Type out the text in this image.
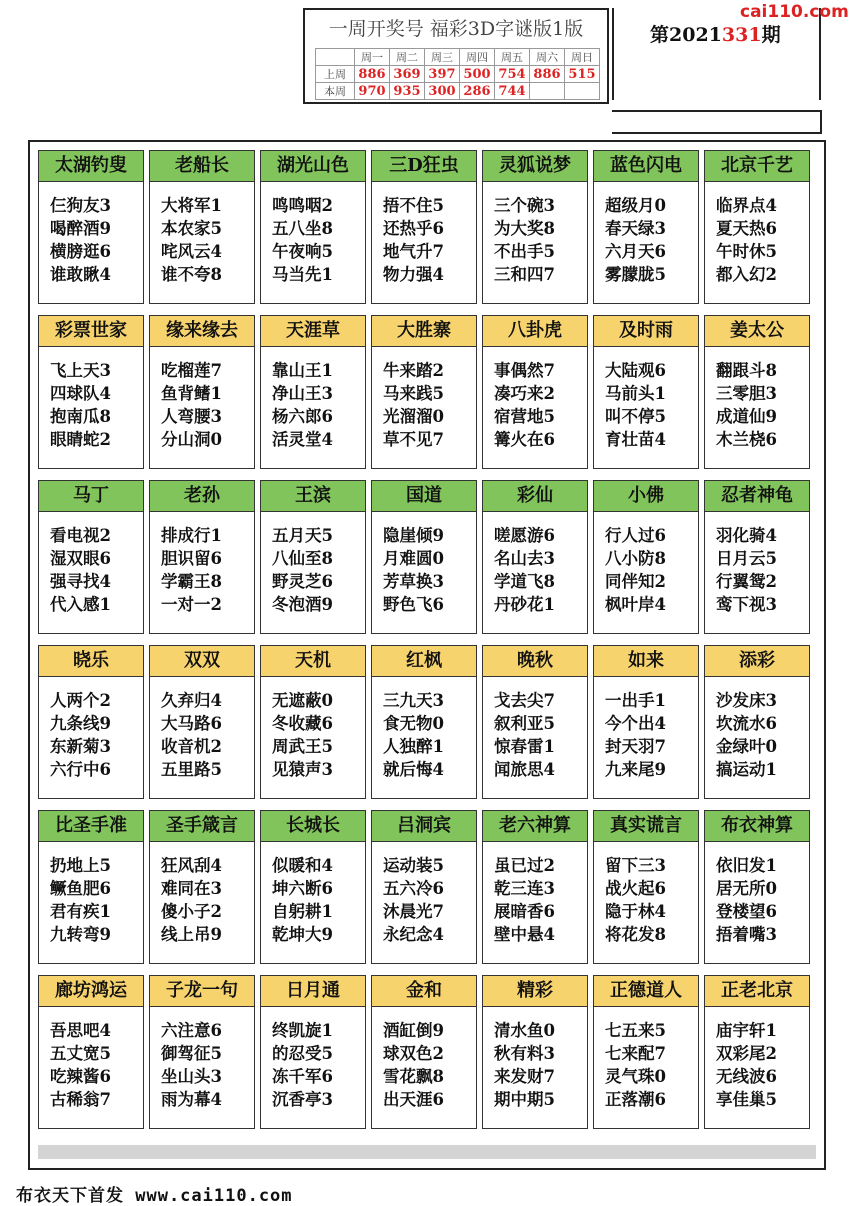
一周开奖号 福彩3D字谜版1版
	周一	周二	周三	周四	周五	周六	周日
上周	886	369	397	500	754	886	515
本周	970	935	300	286	744		
第2021331期
cai110.com
太湖钓叟
仨狗友3
喝醉酒9
横膀逛6
谁敢瞅4
老船长
大将军1
本农家5
咤风云4
谁不夸8
湖光山色
鸣鸣咽2
五八坐8
午夜响5
马当先1
三D狂虫
捂不住5
还热乎6
地气升7
物力强4
灵狐说梦
三个碗3
为大奖8
不出手5
三和四7
蓝色闪电
超级月0
春天绿3
六月天6
雾朦胧5
北京千艺
临界点4
夏天热6
午时休5
都入幻2
彩票世家
飞上天3
四球队4
抱南瓜8
眼睛蛇2
缘来缘去
吃榴莲7
鱼背鳍1
人弯腰3
分山洞0
天涯草
靠山王1
净山王3
杨六郎6
活灵堂4
大胜寨
牛来踏2
马来践5
光溜溜0
草不见7
八卦虎
事偶然7
凑巧来2
宿营地5
篝火在6
及时雨
大陆观6
马前头1
叫不停5
育壮苗4
姜太公
翻跟斗8
三零胆3
成道仙9
木兰桡6
马丁
看电视2
湿双眼6
强寻找4
代入感1
老孙
排成行1
胆识留6
学霸王8
一对一2
王滨
五月天5
八仙至8
野灵芝6
冬泡酒9
国道
隐崖倾9
月难圆0
芳草换3
野色飞6
彩仙
嗟愿游6
名山去3
学道飞8
丹砂花1
小佛
行人过6
八小防8
同伴知2
枫叶岸4
忍者神龟
羽化骑4
日月云5
行翼鸳2
鸾下视3
晓乐
人两个2
九条线9
东新菊3
六行中6
双双
久弃归4
大马路6
收音机2
五里路5
天机
无遮蔽0
冬收藏6
周武王5
见猿声3
红枫
三九天3
食无物0
人独醉1
就后悔4
晚秋
戈去尖7
叙利亚5
惊春雷1
闻旅思4
如来
一出手1
今个出4
封天羽7
九来尾9
添彩
沙发床3
坎流水6
金绿叶0
搞运动1
比圣手准
扔地上5
鳜鱼肥6
君有疾1
九转弯9
圣手箴言
狂风刮4
难同在3
傻小子2
线上吊9
长城长
似暖和4
坤六断6
自躬耕1
乾坤大9
吕洞宾
运动装5
五六冷6
沐晨光7
永纪念4
老六神算
虽已过2
乾三连3
展暗香6
壁中悬4
真实谎言
留下三3
战火起6
隐于林4
将花发8
布衣神算
依旧发1
居无所0
登楼望6
捂着嘴3
廊坊鸿运
吾思吧4
五丈宽5
吃辣酱6
古稀翁7
子龙一句
六注意6
御驾征5
坐山头3
雨为幕4
日月通
终凯旋1
的忍受5
冻千军6
沉香亭3
金和
酒缸倒9
球双色2
雪花飘8
出天涯6
精彩
清水鱼0
秋有料3
来发财7
期中期5
正德道人
七五来5
七来配7
灵气珠0
正落潮6
正老北京
庙宇轩1
双彩尾2
无线波6
享佳巢5
布衣天下首发 www.cai110.com
